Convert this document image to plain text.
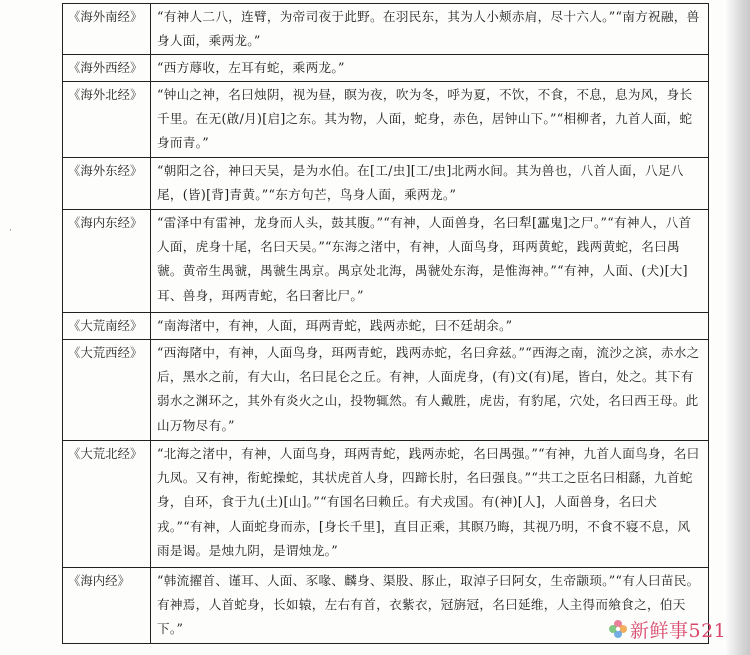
·
《海外南经》	“有神人二八，连臂，为帝司夜于此野。在羽民东，其为人小颊赤肩，尽十六人。”“南方祝融，兽身人面，乘两龙。”
《海外西经》	“西方蓐收，左耳有蛇，乘两龙。”
《海外北经》	“钟山之神，名曰烛阴，视为昼，瞑为夜，吹为冬，呼为夏，不饮，不食，不息，息为风，身长千里。在无(啟/月)[启]之东。其为物，人面，蛇身，赤色，居钟山下。”“相柳者，九首人面，蛇身而青。”
《海外东经》	“朝阳之谷，神曰天吴，是为水伯。在[工/虫][工/虫]北两水间。其为兽也，八首人面，八足八尾，(皆)[背]青黄。”“东方句芒，鸟身人面，乘两龙。”
《海内东经》	“雷泽中有雷神，龙身而人头，鼓其腹。”“有神，人面兽身，名曰犁[靁鬼]之尸。”“有神人，八首人面，虎身十尾，名曰天吴。”“东海之渚中，有神，人面鸟身，珥两黄蛇，践两黄蛇，名曰禺虢。黄帝生禺虢，禺虢生禺京。禺京处北海，禺虢处东海，是惟海神。”“有神，人面、(犬)[大]耳、兽身，珥两青蛇，名曰奢比尸。”
《大荒南经》	“南海渚中，有神，人面，珥两青蛇，践两赤蛇，曰不廷胡余。”
《大荒西经》	“西海陼中，有神，人面鸟身，珥两青蛇，践两赤蛇，名曰弇兹。”“西海之南，流沙之滨，赤水之后，黑水之前，有大山，名曰昆仑之丘。有神，人面虎身，(有)文(有)尾，皆白，处之。其下有弱水之渊环之，其外有炎火之山，投物辄然。有人戴胜，虎齿，有豹尾，穴处，名曰西王母。此山万物尽有。”
《大荒北经》	“北海之渚中，有神，人面鸟身，珥两青蛇，践两赤蛇，名曰禺强。”“有神，九首人面鸟身，名曰九凤。又有神，衔蛇操蛇，其状虎首人身，四蹄长肘，名曰强良。”“共工之臣名曰相繇，九首蛇身，自环，食于九(土)[山]。”“有国名曰赖丘。有犬戎国。有(神)[人]，人面兽身，名曰犬戎。”“有神，人面蛇身而赤，[身长千里]，直目正乘，其瞑乃晦，其视乃明，不食不寝不息，风雨是谒。是烛九阴，是谓烛龙。”
《海内经》	“韩流擢首、谨耳、人面、豕喙、麟身、渠股、豚止，取淖子曰阿女，生帝颛顼。”“有人曰苗民。有神焉，人首蛇身，长如辕，左右有首，衣紫衣，冠旃冠，名曰延维，人主得而飨食之，伯天下。”	新鲜事521
